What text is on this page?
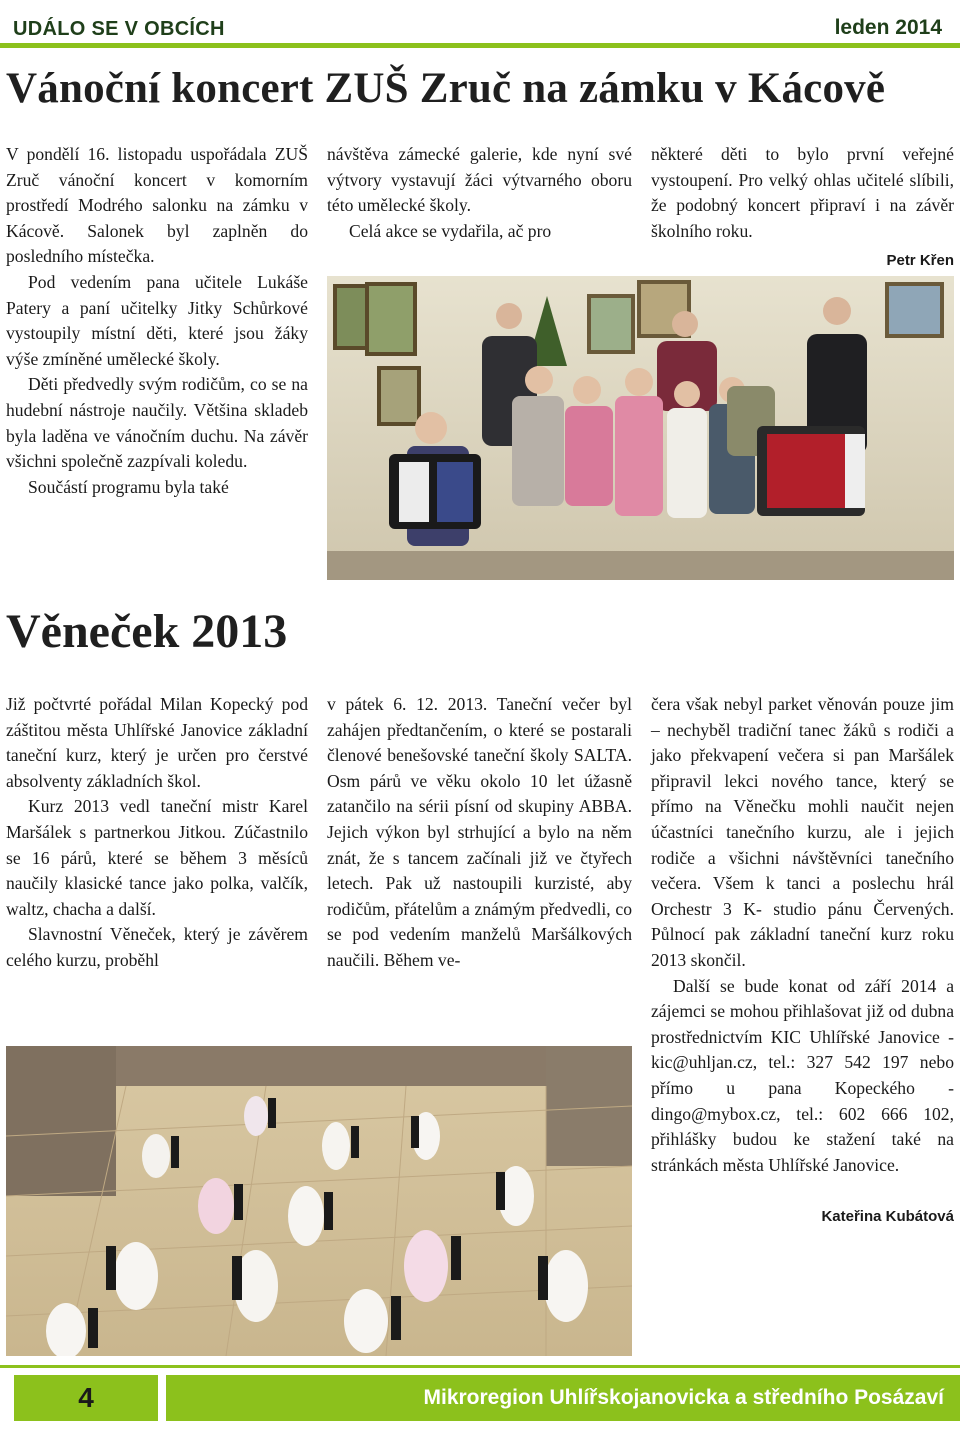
UDÁLO SE V OBCÍCH	leden 2014
Vánoční koncert ZUŠ Zruč na zámku v Kácově

V pondělí 16. listopadu uspořádala ZUŠ Zruč vánoční koncert v komorním prostředí Modrého salonku na zámku v Kácově. Salonek byl zaplněn do posledního místečka.

Pod vedením pana učitele Lukáše Patery a paní učitelky Jitky Schůrkové vystoupily místní děti, které jsou žáky výše zmíněné umělecké školy.

Děti předvedly svým rodičům, co se na hudební nástroje naučily. Většina skladeb byla laděna ve vánočním duchu. Na závěr všichni společně zazpívali koledu.

Součástí programu byla také

návštěva zámecké galerie, kde nyní své výtvory vystavují žáci výtvarného oboru této umělecké školy.

Celá akce se vydařila, ač pro

některé děti to bylo první veřejné vystoupení. Pro velký ohlas učitelé slíbili, že podobný koncert připraví i na závěr školního roku.

Petr Křen

Věneček 2013

Již počtvrté pořádal Milan Kopecký pod záštitou města Uhlířské Janovice základní taneční kurz, který je určen pro čerstvé absolventy základních škol.

Kurz 2013 vedl taneční mistr Karel Maršálek s partnerkou Jitkou. Zúčastnilo se 16 párů, které se během 3 měsíců naučily klasické tance jako polka, valčík, waltz, chacha a další.

Slavnostní Věneček, který je závěrem celého kurzu, proběhl

v pátek 6. 12. 2013. Taneční večer byl zahájen předtančením, o které se postarali členové benešovské taneční školy SALTA. Osm párů ve věku okolo 10 let úžasně zatančilo na sérii písní od skupiny ABBA. Jejich výkon byl strhující a bylo na něm znát, že s tancem začínali již ve čtyřech letech. Pak už nastoupili kurzisté, aby rodičům, přátelům a známým předvedli, co se pod vedením manželů Maršálkových naučili. Během ve-

čera však nebyl parket věnován pouze jim – nechyběl tradiční tanec žáků s rodiči a jako překvapení večera si pan Maršálek připravil lekci nového tance, který se přímo na Věnečku mohli naučit nejen účastníci tanečního kurzu, ale i jejich rodiče a všichni návštěvníci tanečního večera. Všem k tanci a poslechu hrál Orchestr 3 K- studio pánu Červených. Půlnocí pak základní taneční kurz roku 2013 skončil.

Další se bude konat od září 2014 a zájemci se mohou přihlašovat již od dubna prostřednictvím KIC Uhlířské Janovice - kic@uhljan.cz, tel.: 327 542 197 nebo přímo u pana Kopeckého - dingo@mybox.cz, tel.: 602 666 102, přihlášky budou ke stažení také na stránkách města Uhlířské Janovice.

Kateřina Kubátová

4	Mikroregion Uhlířskojanovicka a středního Posázaví
